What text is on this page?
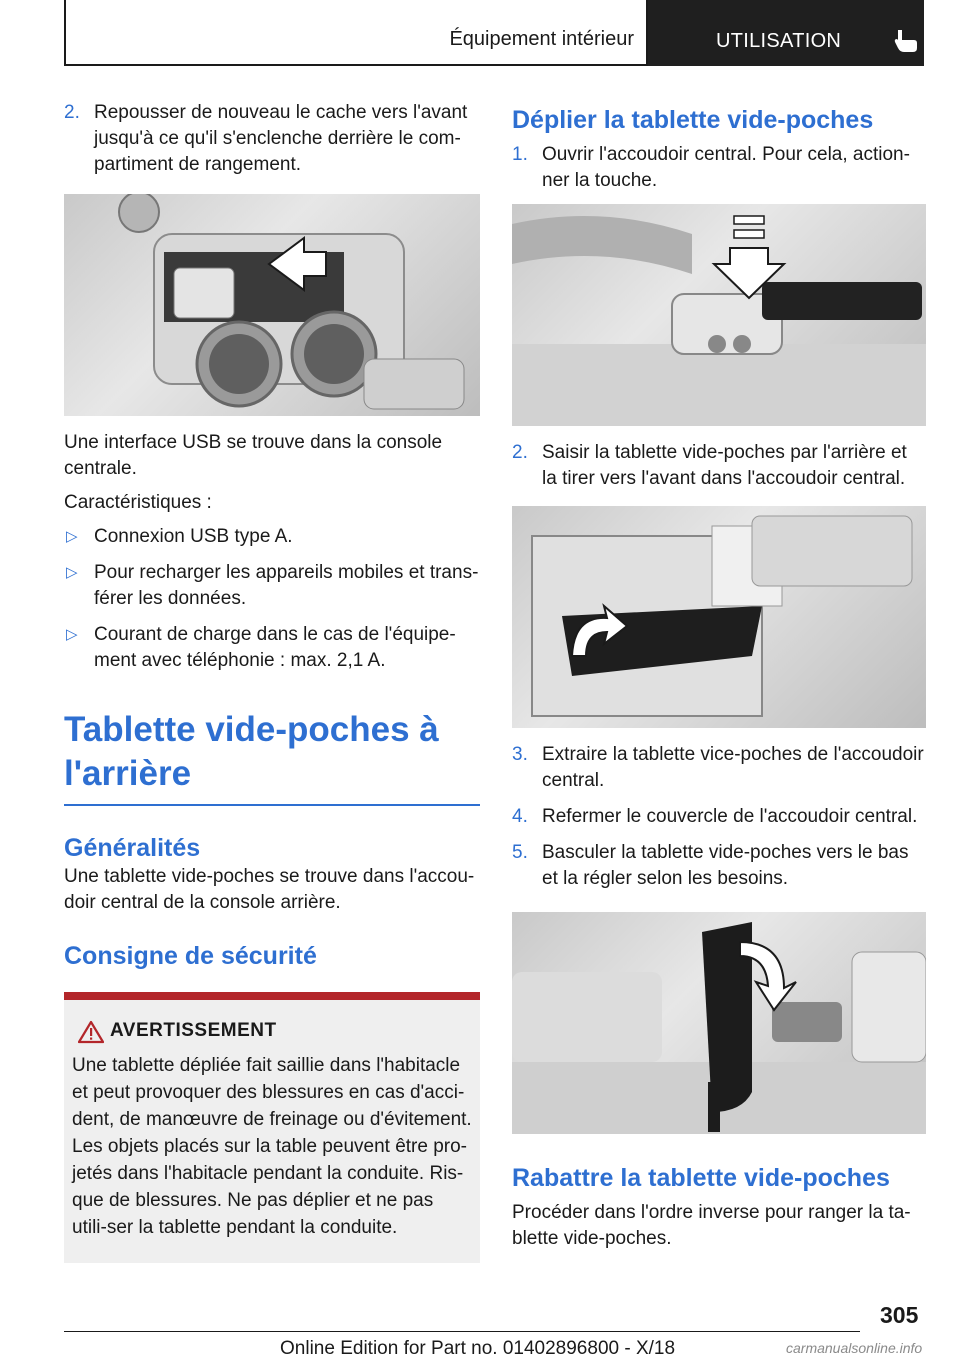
Équipement intérieur	UTILISATION
2. Repousser de nouveau le cache vers l'avant jusqu'à ce qu'il s'enclenche derrière le com-partiment de rangement.

Une interface USB se trouve dans la console centrale.

Caractéristiques :

▷ Connexion USB type A.
▷ Pour recharger les appareils mobiles et trans-férer les données.
▷ Courant de charge dans le cas de l'équipe-ment avec téléphonie : max. 2,1 A.
Tablette vide-poches à l'arrière
Généralités

Une tablette vide-poches se trouve dans l'accou-doir central de la console arrière.

Consigne de sécurité
AVERTISSEMENT
Une tablette dépliée fait saillie dans l'habitacle et peut provoquer des blessures en cas d'acci-dent, de manœuvre de freinage ou d'évitement. Les objets placés sur la table peuvent être pro-jetés dans l'habitacle pendant la conduite. Ris-que de blessures. Ne pas déplier et ne pas utili-ser la tablette pendant la conduite.
Déplier la tablette vide-poches
1. Ouvrir l'accoudoir central. Pour cela, action-ner la touche.
2. Saisir la tablette vide-poches par l'arrière et la tirer vers l'avant dans l'accoudoir central.
3. Extraire la tablette vice-poches de l'accoudoir central.
4. Refermer le couvercle de l'accoudoir central.
5. Basculer la tablette vide-poches vers le bas et la régler selon les besoins.
Rabattre la tablette vide-poches

Procéder dans l'ordre inverse pour ranger la ta-blette vide-poches.

305
Online Edition for Part no. 01402896800 - X/18	carmanualsonline.info
